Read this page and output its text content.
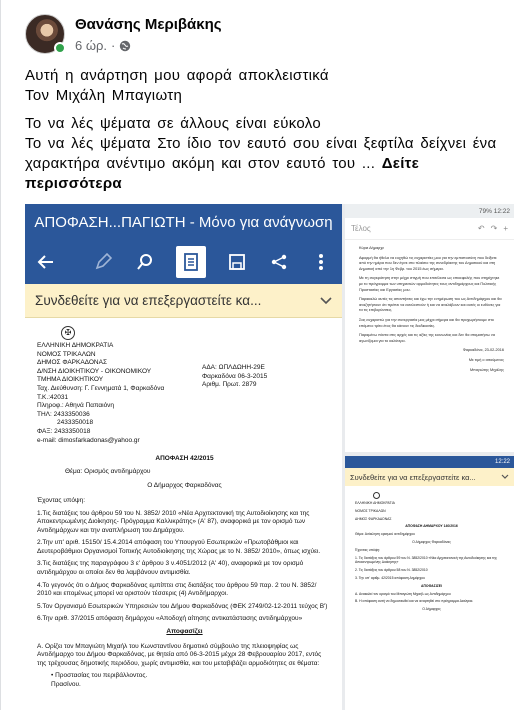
Θανάσης Μεριβάκης
6 ώρ. ·

Αυτή η ανάρτηση μου αφορά αποκλειστικά
Τον Μιχάλη Μπαγιωτη

Το να λές ψέματα σε άλλους είναι εύκολο
Το να λές ψέματα Στο ίδιο τον εαυτό σου είναι ξεφτίλα δείχνει ένα χαρακτήρα ανέντιμο ακόμη και στον εαυτό του ... Δείτε περισσότερα

ΑΠΟΦΑΣΗ...ΠΑΓΙΩΤΗ - Μόνο για ανάγνωση
Συνδεθείτε για να επεξεργαστείτε κα...
✠
ΕΛΛΗΝΙΚΗ ΔΗΜΟΚΡΑΤΙΑ
ΝΟΜΟΣ ΤΡΙΚΑΛΩΝ
ΔΗΜΟΣ ΦΑΡΚΑΔΟΝΑΣ
Δ/ΝΣΗ ΔΙΟΙΚΗΤΙΚΟΥ - ΟΙΚΟΝΟΜΙΚΟΥ
ΤΜΗΜΑ ΔΙΟΙΚΗΤΙΚΟΥ
Ταχ. Διεύθυνση: Γ. Γεννηματά 1, Φαρκαδόνα
Τ.Κ.:42031
Πληροφ.: Αθηνά Παπαιόνη
ΤΗΛ: 2433350036
2433350018
ΦΑΞ: 2433350018
e-mail: dimosfarkadonas@yahoo.gr
ΑΔΑ: ΩΠΛΔΩΗΗ-29Ε
Φαρκαδόνα 06-3-2015
Αριθμ. Πρωτ. 2879
ΑΠΟΦΑΣΗ 42/2015
Θέμα: Ορισμός αντιδημάρχου
Ο Δήμαρχος Φαρκαδόνας

Έχοντας υπόψη:

1.Τις διατάξεις του άρθρου 59 του Ν. 3852/ 2010 «Νέα Αρχιτεκτονική της Αυτοδιοίκησης και της Αποκεντρωμένης Διοίκησης- Πρόγραμμα Καλλικράτης» (Α' 87), αναφορικά με τον ορισμό των Αντιδημάρχων και την αναπλήρωση του Δημάρχου.

2.Την υπ' αριθ. 15150/ 15.4.2014 απόφαση του Υπουργού Εσωτερικών «Πρωτοβάθμιοι και Δευτεροβάθμιοι Οργανισμοί Τοπικής Αυτοδιοίκησης της Χώρας με το Ν. 3852/ 2010», όπως ισχύει.

3.Τις διατάξεις της παραγράφου 3 ε' άρθρου 3 ν.4051/2012 (Α' 40), αναφορικά με τον ορισμό αντιδημάρχου οι οποίοι δεν θα λαμβάνουν αντιμισθία.

4.Το γεγονός ότι ο Δήμος Φαρκαδόνας εμπίπτει στις διατάξεις του άρθρου 59 παρ. 2 του Ν. 3852/ 2010 και επομένως μπορεί να οριστούν τέσσερις (4) Αντιδήμαρχοι.

5.Τον Οργανισμό Εσωτερικών Υπηρεσιών του Δήμου Φαρκαδόνας (ΦΕΚ 2749/02-12-2011 τεύχος Β')

6.Την αριθ. 37/2015 απόφαση δημάρχου «Αποδοχή αίτησης αντικατάστασης αντιδημάρχου»

Αποφασίζει

Α. Ορίζει τον Μπαγιώτη Μιχαήλ του Κωνσταντίνου δημοτικό σύμβουλο της πλειοψηφίας ως Αντιδήμαρχο του Δήμου Φαρκαδόνας, με θητεία από 06-3-2015 μέχρι 28 Φεβρουαρίου 2017, εντός της τρέχουσας δημοτικής περιόδου, χωρίς αντιμισθία, και του μεταβιβάζει αρμοδιότητες σε θέματα:

• Προστασίας του περιβάλλοντος.
Πρασίνου.
79% 12:22
Τέλος	↶ ↷ +

Κύριε Δήμαρχε

Αφορμή θα ήθελα να ευχηθώ τις ευχαριστίες μου για την εμπιστοσύνη που δείξατε από την ημέρα που δεν έγινε στο πλαίσιο της συνεδρίασης του Δημοτικού και στη Δημοτική από την 1η Φεβρ. του 2015 έως σήμερα.

Με τη συγκρότηση στην μέχρι στιγμή που επιτέλεσα ως επικεφαλής που στηρίχτηκε με το πρόγραμμα των υπηρεσιών αρμοδιότητες τους αντιδημάρχους και Πολιτικής Προστασίας και Εργασίας μου.

Παρακαλώ αυτές τις απαντήσεις και έχω την ενημέρωση του ως Αντιδημάρχου και θα αναζητήσουν ότι πρέπει να εκτελεστούν ή και να αναλάβουν και αυτές οι ευθύνες για τα τις επιβαρύνσεις.

Σας ευχαριστώ για την συνεργασία μας μέχρι σήμερα και θα προχωρήσουμε στο επόμενο τρίτο έτος θα κάνουν τις διαδικασίες.

Παραμένω πάντα στις αρχές και τις αξίες της κοινωνίας και δεν θα σταματήσω να αγωνίζομαι για το καλύτερο.

Φαρκαδόνα, 23-02-2016

Με τιμή ο αιτούμενος

Μπαγιώτης Μιχάλης

12:22
Συνδεθείτε για να επεξεργαστείτε κα...

ΕΛΛΗΝΙΚΗ ΔΗΜΟΚΡΑΤΙΑ

ΝΟΜΟΣ ΤΡΙΚΑΛΩΝ

ΔΗΜΟΣ ΦΑΡΚΑΔΟΝΑΣ

ΑΠΟΦΑΣΗ ΔΗΜΑΡΧΟΥ 140/2016

Θέμα: Ανάκληση ορισμού αντιδημάρχου

Ο Δήμαρχος Φαρκαδόνας

Έχοντας υπόψη:

1. Τις διατάξεις του άρθρου 59 του Ν. 3852/2010 «Νέα Αρχιτεκτονική της Αυτοδιοίκησης και της Αποκεντρωμένης Διοίκησης»

2. Τις διατάξεις του άρθρου 58 του Ν. 3852/2010

3. Την υπ' αριθμ. 42/2015 απόφαση Δημάρχου

ΑΠΟΦΑΣΙΖΕΙ

Α. Ανακαλεί τον ορισμό του Μπαγιώτη Μιχαήλ ως Αντιδημάρχου

Β. Η απόφαση αυτή να δημοσιευθεί και να αναρτηθεί στο πρόγραμμα Διαύγεια.

Ο Δήμαρχος
